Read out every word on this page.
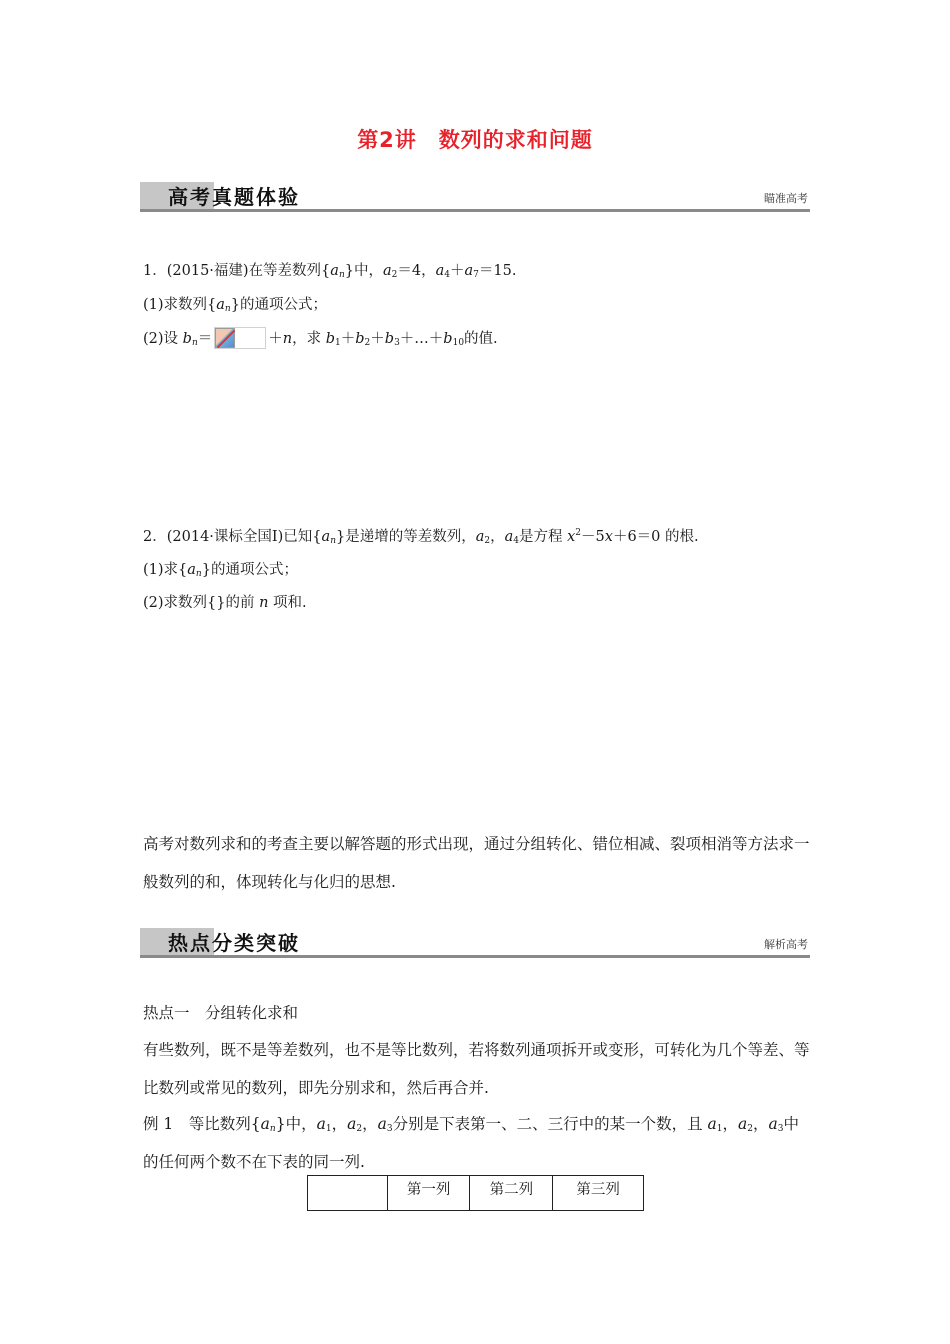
第2讲　数列的求和问题
高考真题体验	瞄准高考
1．(2015·福建)在等差数列$\{a_n\}$中，$a_2=4$，$a_4+a_7=15$.
(1)求数列$\{a_n\}$的通项公式；
(2)设 $b_n=$	＋n，求 $b_1+b_2+b_3+\dots+b_{10}$的值.
2．(2014·课标全国Ⅰ)已知$\{a_n\}$是递增的等差数列，$a_2$，$a_4$是方程 $x^2-5x+6=0$ 的根.
(1)求$\{a_n\}$的通项公式；
(2)求数列{}的前 n 项和.
高考对数列求和的考查主要以解答题的形式出现，通过分组转化、错位相减、裂项相消等方法求一般数列的和，体现转化与化归的思想.
热点分类突破	解析高考
热点一　分组转化求和
有些数列，既不是等差数列，也不是等比数列，若将数列通项拆开或变形，可转化为几个等差、等比数列或常见的数列，即先分别求和，然后再合并.
例 1　等比数列$\{a_n\}$中，$a_1$，$a_2$，$a_3$分别是下表第一、二、三行中的某一个数，且 $a_1$，$a_2$，$a_3$中的任何两个数不在下表的同一列.
	第一列	第二列	第三列
